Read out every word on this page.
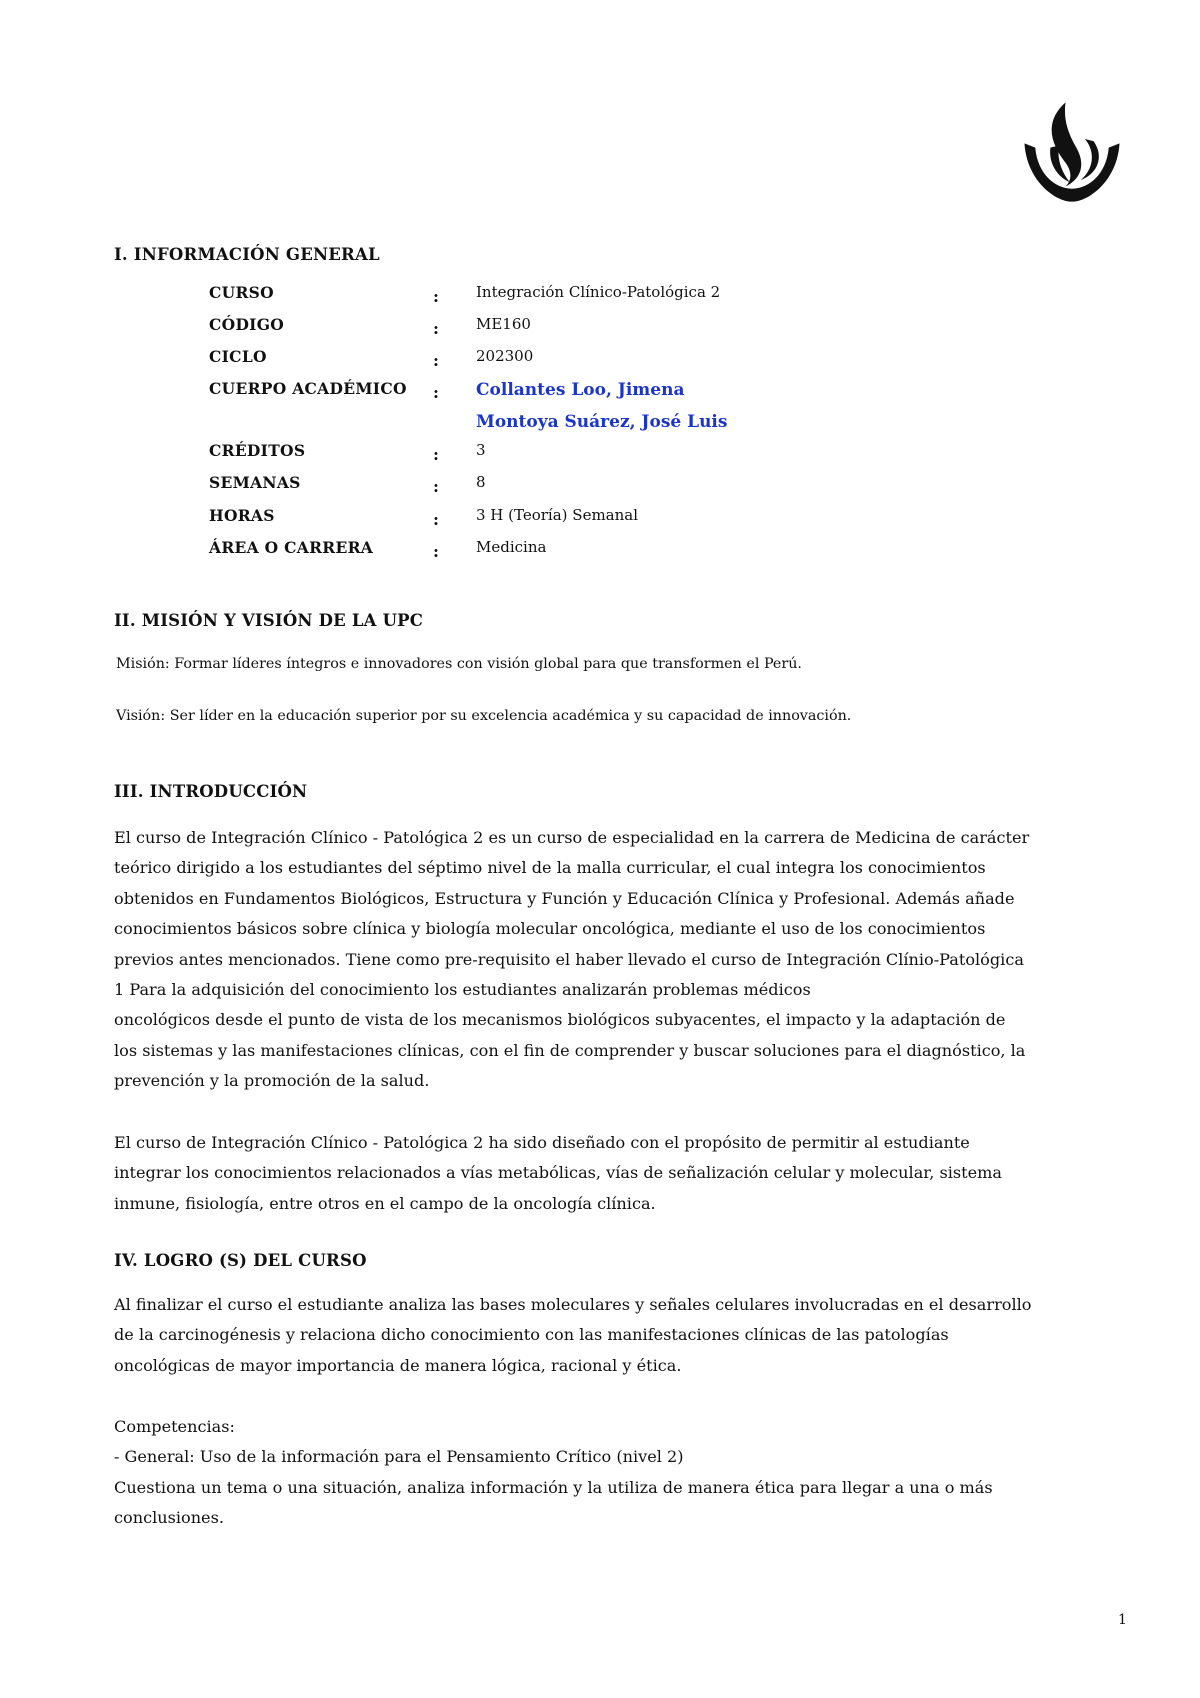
I. INFORMACIÓN GENERAL
CURSO	: Integración Clínico-Patológica 2
CÓDIGO	: ME160
CICLO	: 202300
CUERPO ACADÉMICO : Collantes Loo, Jimena
Montoya Suárez, José Luis
CRÉDITOS	: 3
SEMANAS	: 8
HORAS	: 3 H (Teoría) Semanal
ÁREA O CARRERA	: Medicina
II. MISIÓN Y VISIÓN DE LA UPC
Misión: Formar líderes íntegros e innovadores con visión global para que transformen el Perú.
Visión: Ser líder en la educación superior por su excelencia académica y su capacidad de innovación.
III. INTRODUCCIÓN

El curso de Integración Clínico - Patológica 2 es un curso de especialidad en la carrera de Medicina de carácter

teórico dirigido a los estudiantes del séptimo nivel de la malla curricular, el cual integra los conocimientos

obtenidos en Fundamentos Biológicos, Estructura y Función y Educación Clínica y Profesional. Además añade

conocimientos básicos sobre clínica y biología molecular oncológica, mediante el uso de los conocimientos

previos antes mencionados. Tiene como pre-requisito el haber llevado el curso de Integración Clínio-Patológica

1 Para la adquisición del conocimiento los estudiantes analizarán problemas médicos

oncológicos desde el punto de vista de los mecanismos biológicos subyacentes, el impacto y la adaptación de

los sistemas y las manifestaciones clínicas, con el fin de comprender y buscar soluciones para el diagnóstico, la

prevención y la promoción de la salud.

El curso de Integración Clínico - Patológica 2 ha sido diseñado con el propósito de permitir al estudiante

integrar los conocimientos relacionados a vías metabólicas, vías de señalización celular y molecular, sistema

inmune, fisiología, entre otros en el campo de la oncología clínica.

IV. LOGRO (S) DEL CURSO

Al finalizar el curso el estudiante analiza las bases moleculares y señales celulares involucradas en el desarrollo

de la carcinogénesis y relaciona dicho conocimiento con las manifestaciones clínicas de las patologías

oncológicas de mayor importancia de manera lógica, racional y ética.

Competencias:

- General: Uso de la información para el Pensamiento Crítico (nivel 2)

Cuestiona un tema o una situación, analiza información y la utiliza de manera ética para llegar a una o más

conclusiones.

1
